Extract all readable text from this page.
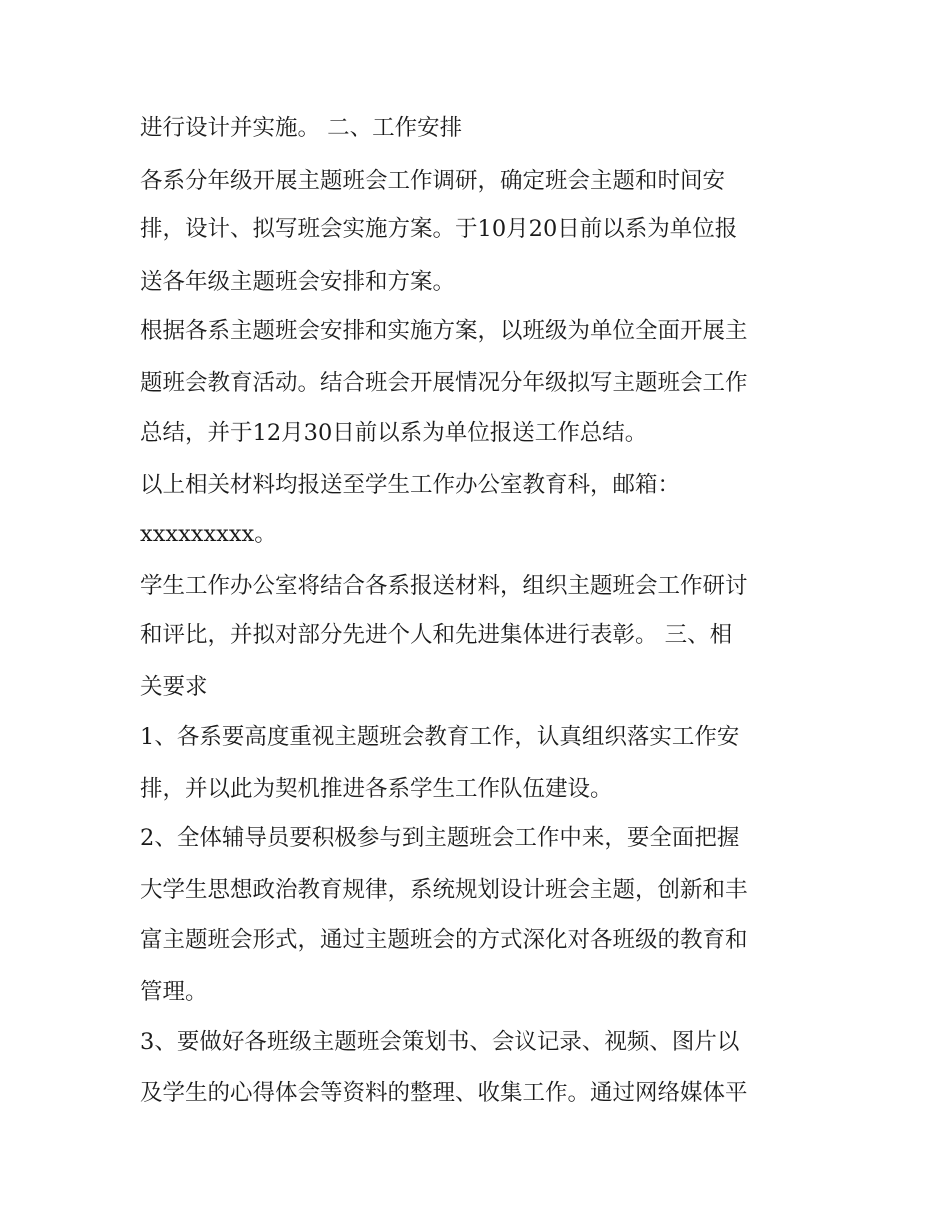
进行设计并实施。 二、工作安排
各系分年级开展主题班会工作调研，确定班会主题和时间安
排，设计、拟写班会实施方案。于10月20日前以系为单位报
送各年级主题班会安排和方案。
根据各系主题班会安排和实施方案，以班级为单位全面开展主
题班会教育活动。结合班会开展情况分年级拟写主题班会工作
总结，并于12月30日前以系为单位报送工作总结。
以上相关材料均报送至学生工作办公室教育科，邮箱：
xxxxxxxxx。
学生工作办公室将结合各系报送材料，组织主题班会工作研讨
和评比，并拟对部分先进个人和先进集体进行表彰。 三、相
关要求
1、各系要高度重视主题班会教育工作，认真组织落实工作安
排，并以此为契机推进各系学生工作队伍建设。
2、全体辅导员要积极参与到主题班会工作中来，要全面把握
大学生思想政治教育规律，系统规划设计班会主题，创新和丰
富主题班会形式，通过主题班会的方式深化对各班级的教育和
管理。
3、要做好各班级主题班会策划书、会议记录、视频、图片以
及学生的心得体会等资料的整理、收集工作。通过网络媒体平
